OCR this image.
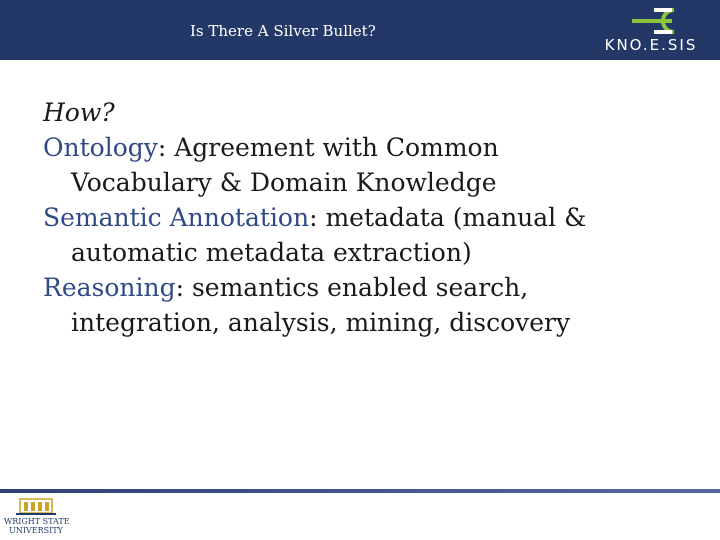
Is There A Silver Bullet?
KNO.E.SIS
How?
Ontology: Agreement with Common
Vocabulary & Domain Knowledge
Semantic Annotation: metadata (manual &
automatic metadata extraction)
Reasoning: semantics enabled search,
integration, analysis, mining, discovery
WRIGHT STATE
UNIVERSITY
